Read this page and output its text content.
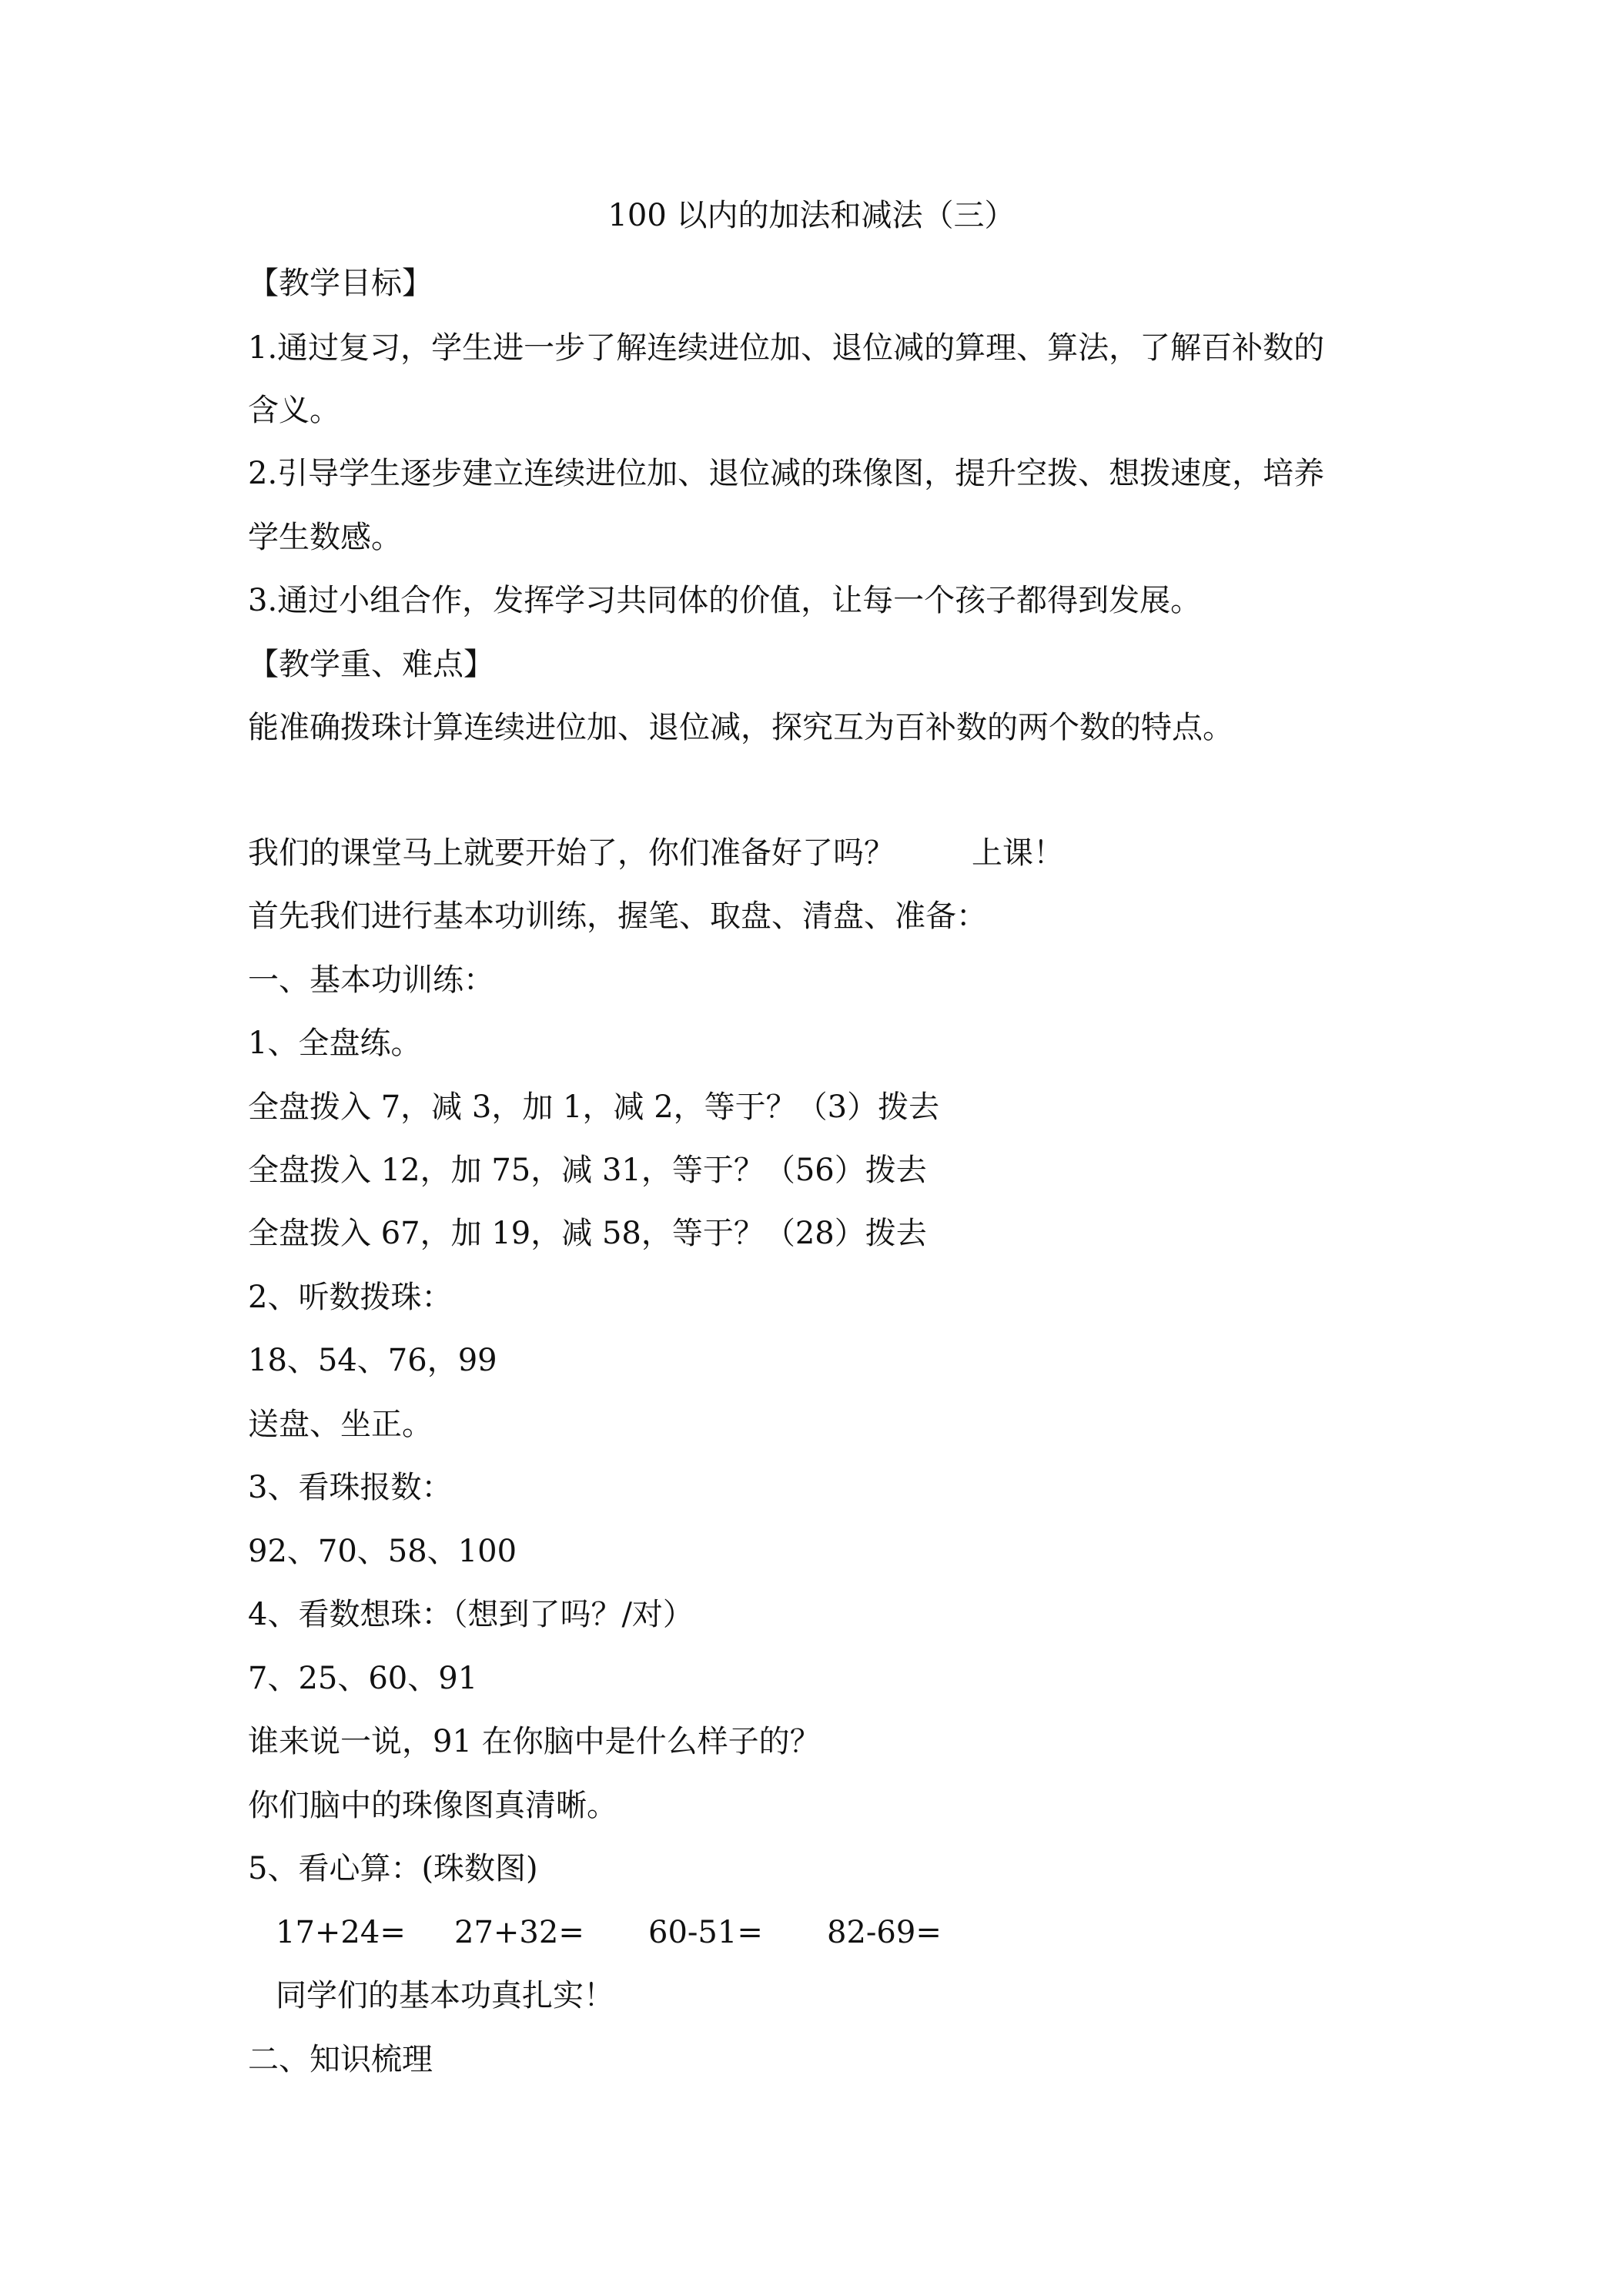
100 以内的加法和减法（三）
【教学目标】
1.通过复习，学生进一步了解连续进位加、退位减的算理、算法，了解百补数的
含义。
2.引导学生逐步建立连续进位加、退位减的珠像图，提升空拨、想拨速度，培养
学生数感。
3.通过小组合作，发挥学习共同体的价值，让每一个孩子都得到发展。
【教学重、难点】
能准确拨珠计算连续进位加、退位减，探究互为百补数的两个数的特点。
我们的课堂马上就要开始了，你们准备好了吗？	上课！
首先我们进行基本功训练，握笔、取盘、清盘、准备：
一、基本功训练：
1、全盘练。
全盘拨入 7，减 3，加 1，减 2，等于？（3）拨去
全盘拨入 12，加 75，减 31，等于？（56）拨去
全盘拨入 67，加 19，减 58，等于？（28）拨去
2、听数拨珠：
18、54、76，99
送盘、坐正。
3、看珠报数：
92、70、58、100
4、看数想珠：（想到了吗？/对）
7、25、60、91
谁来说一说，91 在你脑中是什么样子的？
你们脑中的珠像图真清晰。
5、看心算：(珠数图)
17+24= 27+32= 60-51= 82-69=
同学们的基本功真扎实！
二、知识梳理
